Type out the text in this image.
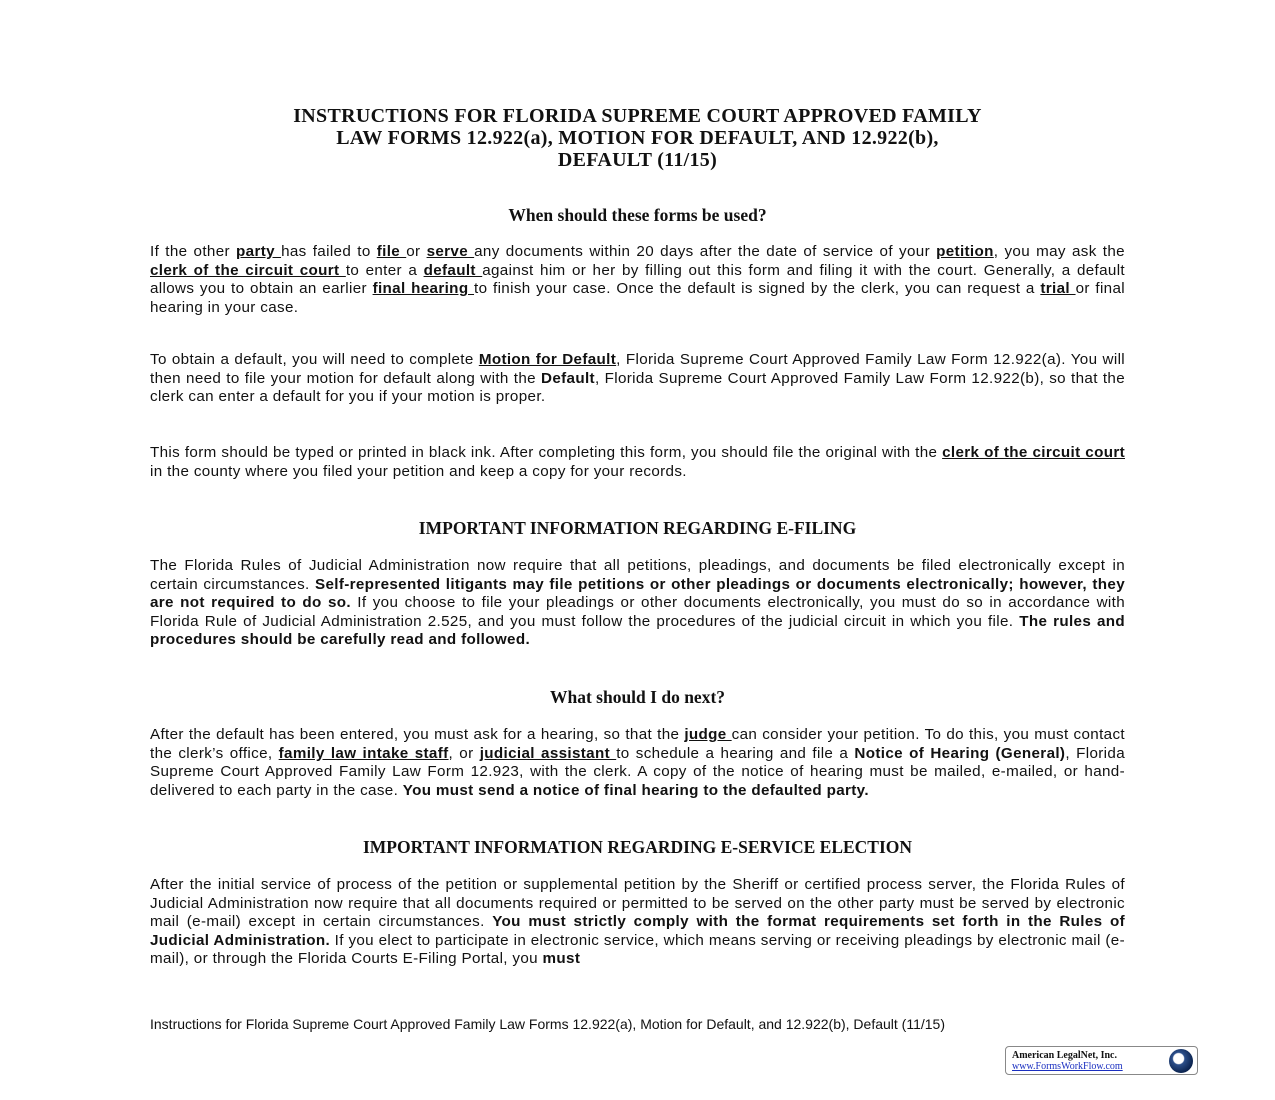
INSTRUCTIONS FOR FLORIDA SUPREME COURT APPROVED FAMILY
LAW FORMS 12.922(a), MOTION FOR DEFAULT, AND 12.922(b),
DEFAULT (11/15)
When should these forms be used?

If the other party has failed to file or serve any documents within 20 days after the date of service of your petition, you may ask the clerk of the circuit court to enter a default against him or her by filling out this form and filing it with the court. Generally, a default allows you to obtain an earlier final hearing to finish your case. Once the default is signed by the clerk, you can request a trial or final hearing in your case.

To obtain a default, you will need to complete Motion for Default, Florida Supreme Court Approved Family Law Form 12.922(a). You will then need to file your motion for default along with the Default, Florida Supreme Court Approved Family Law Form 12.922(b), so that the clerk can enter a default for you if your motion is proper.

This form should be typed or printed in black ink. After completing this form, you should file the original with the clerk of the circuit court in the county where you filed your petition and keep a copy for your records.

IMPORTANT INFORMATION REGARDING E-FILING

The Florida Rules of Judicial Administration now require that all petitions, pleadings, and documents be filed electronically except in certain circumstances. Self-represented litigants may file petitions or other pleadings or documents electronically; however, they are not required to do so. If you choose to file your pleadings or other documents electronically, you must do so in accordance with Florida Rule of Judicial Administration 2.525, and you must follow the procedures of the judicial circuit in which you file. The rules and procedures should be carefully read and followed.

What should I do next?

After the default has been entered, you must ask for a hearing, so that the judge can consider your petition. To do this, you must contact the clerk’s office, family law intake staff, or judicial assistant to schedule a hearing and file a Notice of Hearing (General), Florida Supreme Court Approved Family Law Form 12.923, with the clerk. A copy of the notice of hearing must be mailed, e-mailed, or hand-delivered to each party in the case. You must send a notice of final hearing to the defaulted party.

IMPORTANT INFORMATION REGARDING E-SERVICE ELECTION

After the initial service of process of the petition or supplemental petition by the Sheriff or certified process server, the Florida Rules of Judicial Administration now require that all documents required or permitted to be served on the other party must be served by electronic mail (e-mail) except in certain circumstances. You must strictly comply with the format requirements set forth in the Rules of Judicial Administration. If you elect to participate in electronic service, which means serving or receiving pleadings by electronic mail (e-mail), or through the Florida Courts E-Filing Portal, you must

Instructions for Florida Supreme Court Approved Family Law Forms 12.922(a), Motion for Default, and 12.922(b), Default (11/15)
American LegalNet, Inc.
www.FormsWorkFlow.com
